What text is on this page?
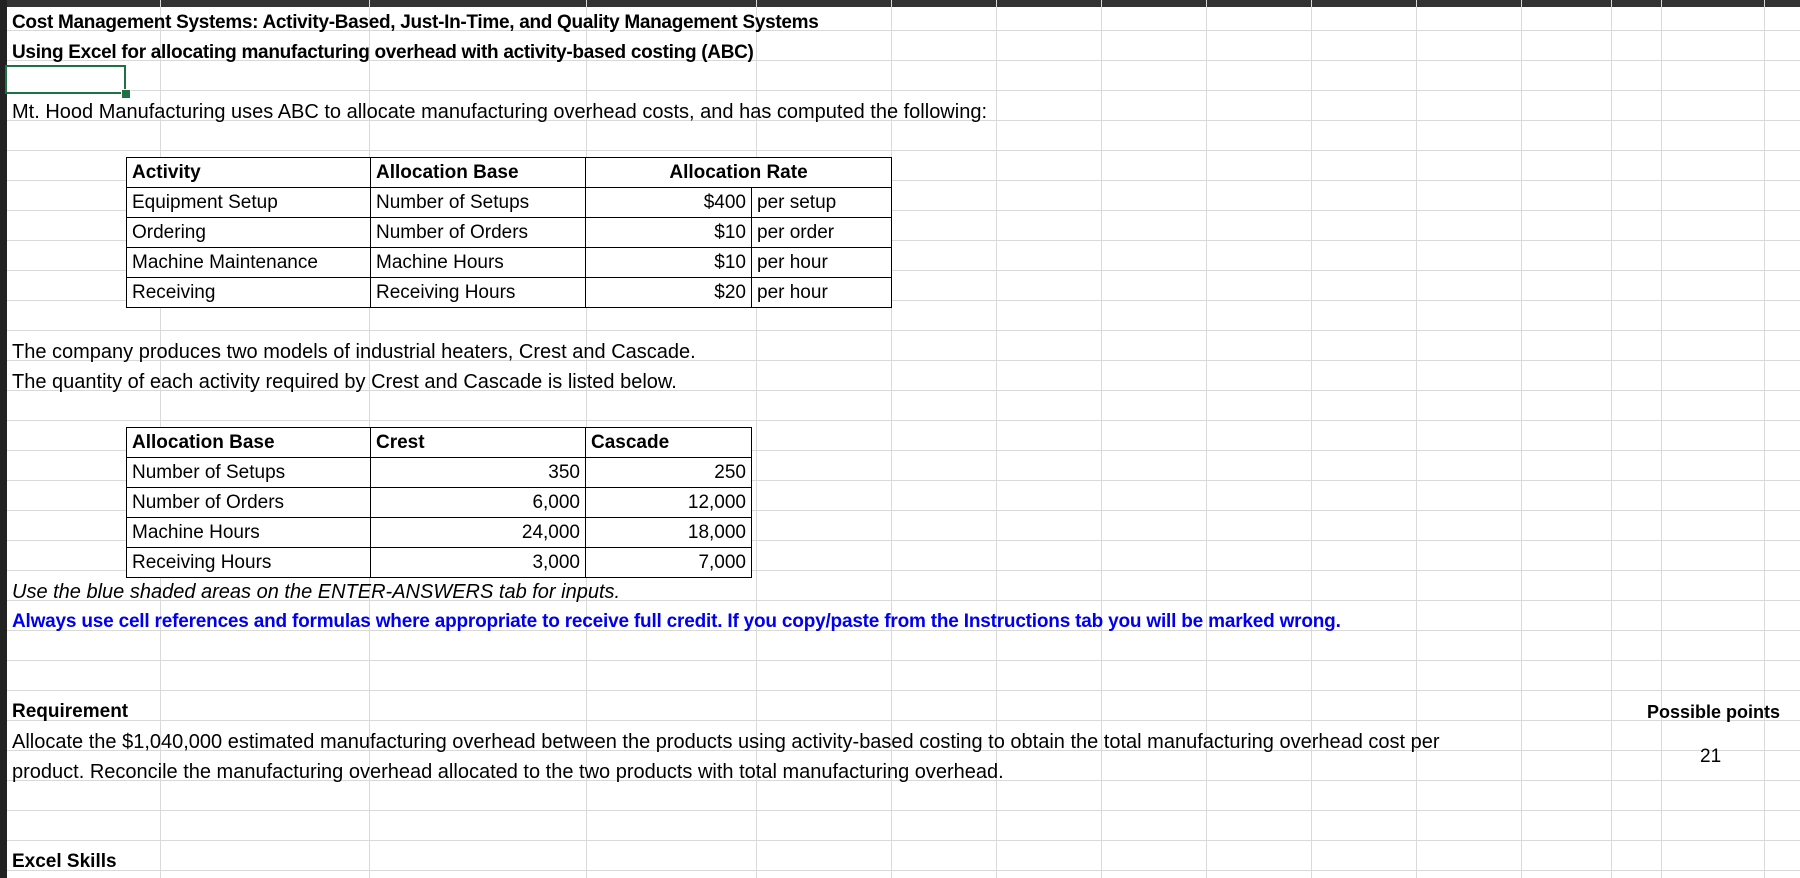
Cost Management Systems: Activity-Based, Just-In-Time, and Quality Management Systems
Using Excel for allocating manufacturing overhead with activity-based costing (ABC)
Mt. Hood Manufacturing uses ABC to allocate manufacturing overhead costs, and has computed the following:
Activity	Allocation Base	Allocation Rate	
Equipment Setup	Number of Setups	$400	per setup
Ordering	Number of Orders	$10	per order
Machine Maintenance	Machine Hours	$10	per hour
Receiving	Receiving Hours	$20	per hour
The company produces two models of industrial heaters, Crest and Cascade.
The quantity of each activity required by Crest and Cascade is listed below.
Allocation Base	Crest	Cascade
Number of Setups	350	250
Number of Orders	6,000	12,000
Machine Hours	24,000	18,000
Receiving Hours	3,000	7,000
Use the blue shaded areas on the ENTER-ANSWERS tab for inputs.
Always use cell references and formulas where appropriate to receive full credit. If you copy/paste from the Instructions tab you will be marked wrong.
Requirement
Allocate the $1,040,000 estimated manufacturing overhead between the products using activity-based costing to obtain the total manufacturing overhead cost per
product. Reconcile the manufacturing overhead allocated to the two products with total manufacturing overhead.
Possible points
21
Excel Skills
